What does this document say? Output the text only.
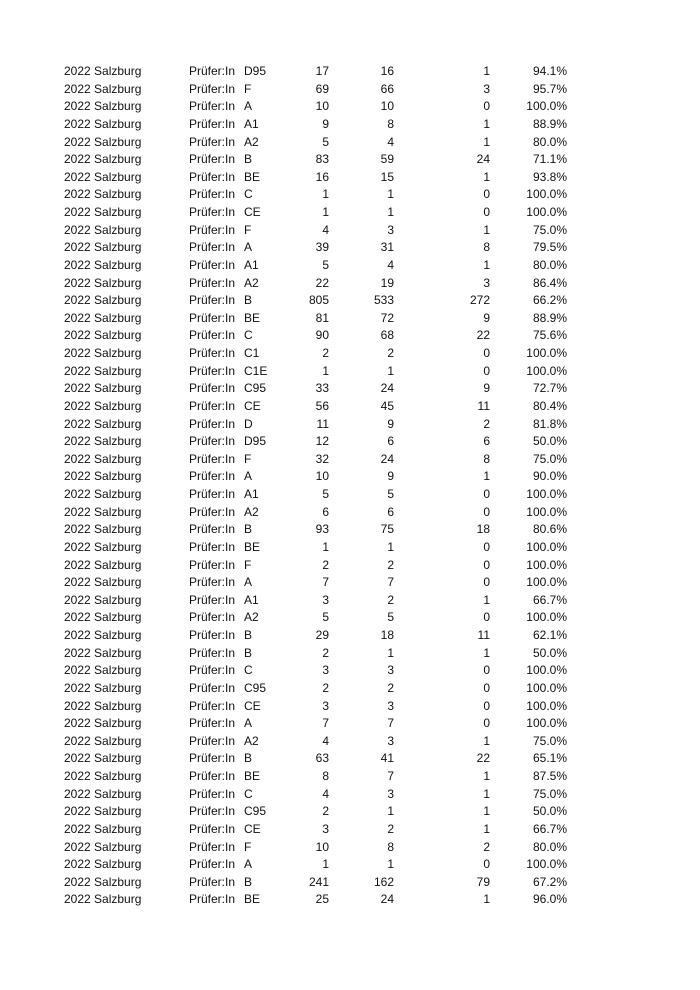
2022 Salzburg	Prüfer:In D95	17	16	1	94.1%
2022 Salzburg	Prüfer:In F	69	66	3	95.7%
2022 Salzburg	Prüfer:In A	10	10	0	100.0%
2022 Salzburg	Prüfer:In A1	9	8	1	88.9%
2022 Salzburg	Prüfer:In A2	5	4	1	80.0%
2022 Salzburg	Prüfer:In B	83	59	24	71.1%
2022 Salzburg	Prüfer:In BE	16	15	1	93.8%
2022 Salzburg	Prüfer:In C	1	1	0	100.0%
2022 Salzburg	Prüfer:In CE	1	1	0	100.0%
2022 Salzburg	Prüfer:In F	4	3	1	75.0%
2022 Salzburg	Prüfer:In A	39	31	8	79.5%
2022 Salzburg	Prüfer:In A1	5	4	1	80.0%
2022 Salzburg	Prüfer:In A2	22	19	3	86.4%
2022 Salzburg	Prüfer:In B	805	533	272	66.2%
2022 Salzburg	Prüfer:In BE	81	72	9	88.9%
2022 Salzburg	Prüfer:In C	90	68	22	75.6%
2022 Salzburg	Prüfer:In C1	2	2	0	100.0%
2022 Salzburg	Prüfer:In C1E	1	1	0	100.0%
2022 Salzburg	Prüfer:In C95	33	24	9	72.7%
2022 Salzburg	Prüfer:In CE	56	45	11	80.4%
2022 Salzburg	Prüfer:In D	11	9	2	81.8%
2022 Salzburg	Prüfer:In D95	12	6	6	50.0%
2022 Salzburg	Prüfer:In F	32	24	8	75.0%
2022 Salzburg	Prüfer:In A	10	9	1	90.0%
2022 Salzburg	Prüfer:In A1	5	5	0	100.0%
2022 Salzburg	Prüfer:In A2	6	6	0	100.0%
2022 Salzburg	Prüfer:In B	93	75	18	80.6%
2022 Salzburg	Prüfer:In BE	1	1	0	100.0%
2022 Salzburg	Prüfer:In F	2	2	0	100.0%
2022 Salzburg	Prüfer:In A	7	7	0	100.0%
2022 Salzburg	Prüfer:In A1	3	2	1	66.7%
2022 Salzburg	Prüfer:In A2	5	5	0	100.0%
2022 Salzburg	Prüfer:In B	29	18	11	62.1%
2022 Salzburg	Prüfer:In B	2	1	1	50.0%
2022 Salzburg	Prüfer:In C	3	3	0	100.0%
2022 Salzburg	Prüfer:In C95	2	2	0	100.0%
2022 Salzburg	Prüfer:In CE	3	3	0	100.0%
2022 Salzburg	Prüfer:In A	7	7	0	100.0%
2022 Salzburg	Prüfer:In A2	4	3	1	75.0%
2022 Salzburg	Prüfer:In B	63	41	22	65.1%
2022 Salzburg	Prüfer:In BE	8	7	1	87.5%
2022 Salzburg	Prüfer:In C	4	3	1	75.0%
2022 Salzburg	Prüfer:In C95	2	1	1	50.0%
2022 Salzburg	Prüfer:In CE	3	2	1	66.7%
2022 Salzburg	Prüfer:In F	10	8	2	80.0%
2022 Salzburg	Prüfer:In A	1	1	0	100.0%
2022 Salzburg	Prüfer:In B	241	162	79	67.2%
2022 Salzburg	Prüfer:In BE	25	24	1	96.0%
